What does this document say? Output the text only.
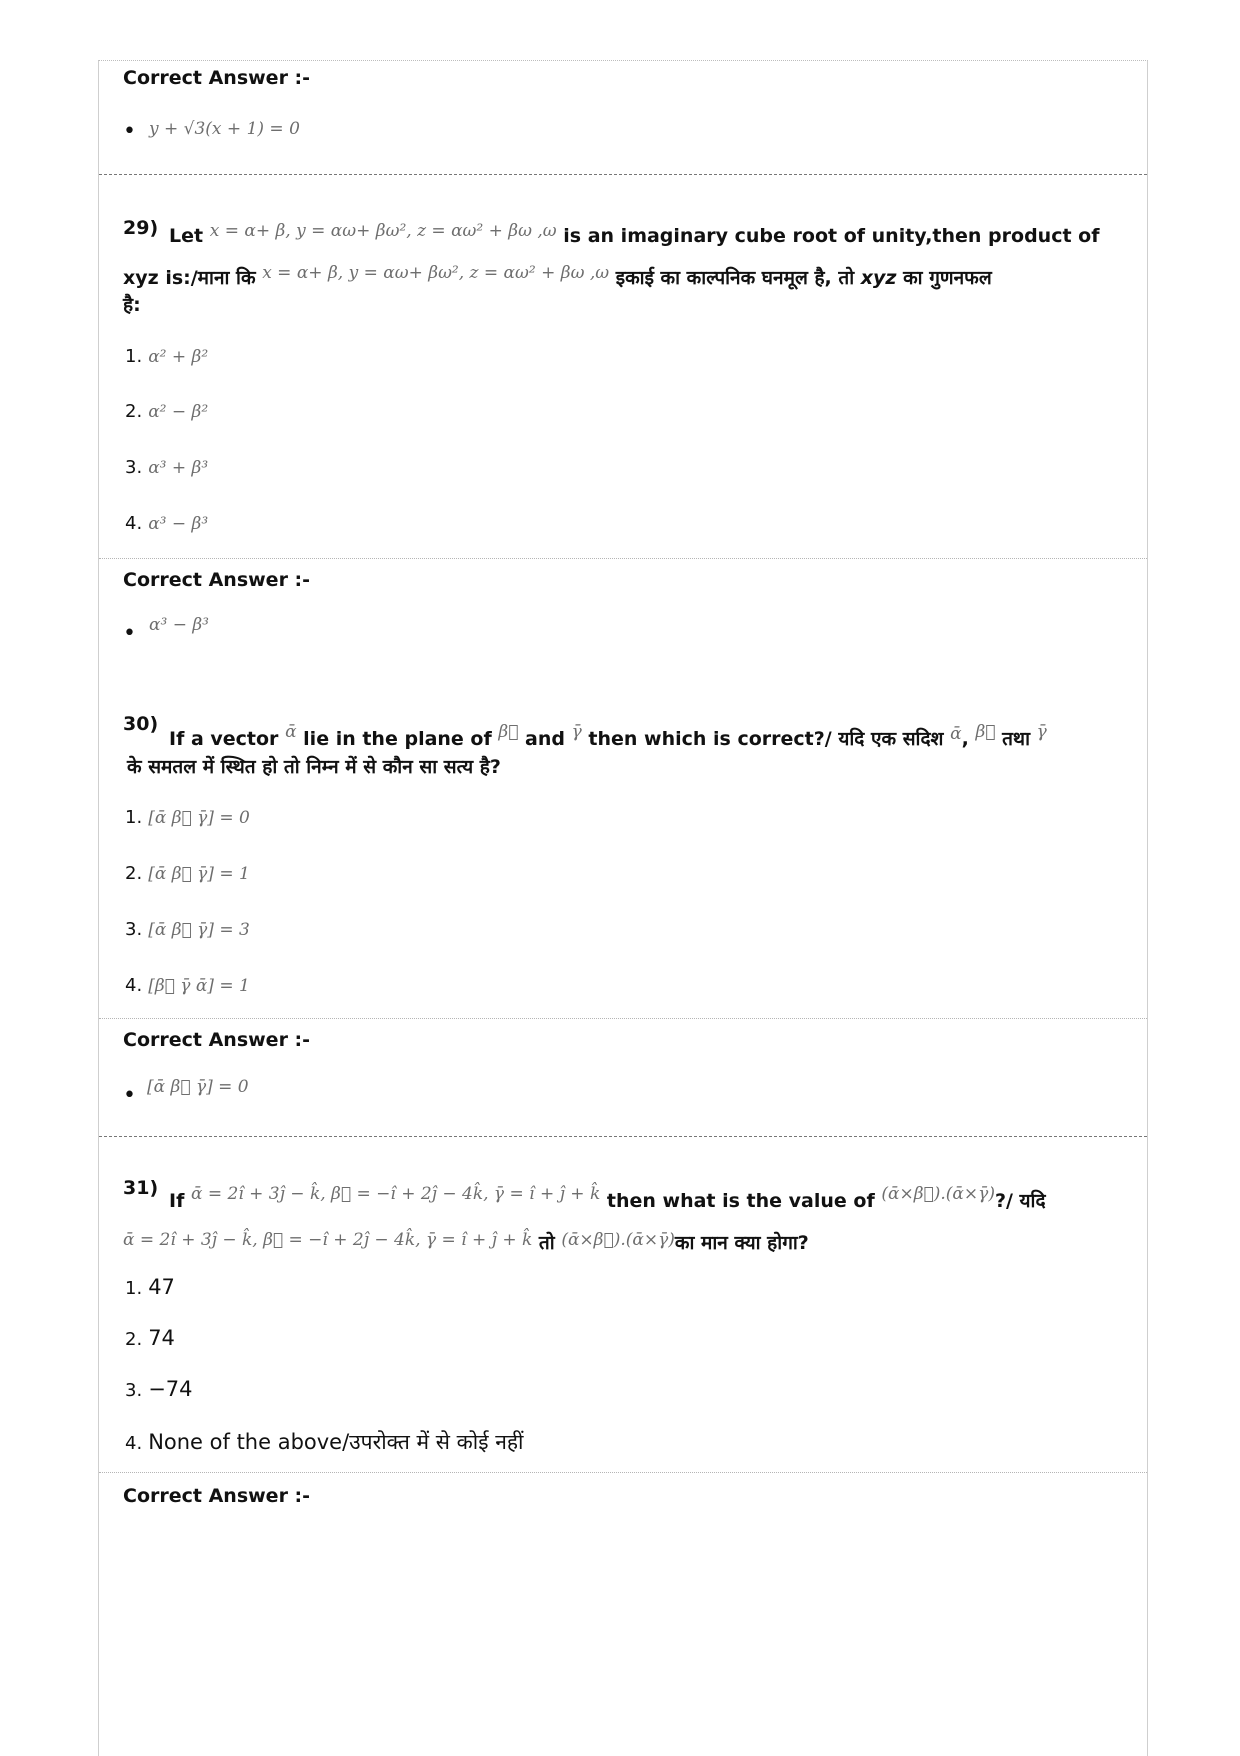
Correct Answer :-
• y + √3(x + 1) = 0
29) Let x = α+ β, y = αω+ βω², z = αω² + βω ,ω is an imaginary cube root of unity,then product of
xyz is:/माना कि x = α+ β, y = αω+ βω², z = αω² + βω ,ω इकाई का काल्पनिक घनमूल है, तो xyz का गुणनफल
है:
1. α² + β²
2. α² − β²
3. α³ + β³
4. α³ − β³
Correct Answer :-
• α³ − β³
30)
If a vector ᾱ lie in the plane of β⃗ and γ̄ then which is correct?/ यदि एक सदिश ᾱ, β⃗ तथा γ̄
के समतल में स्थित हो तो निम्न में से कौन सा सत्य है?
1. [ᾱ β⃗ γ̄] = 0
2. [ᾱ β⃗ γ̄] = 1
3. [ᾱ β⃗ γ̄] = 3
4. [β⃗ γ̄ ᾱ] = 1
Correct Answer :-
• [ᾱ β⃗ γ̄] = 0
31)
If ᾱ = 2î + 3ĵ − k̂, β⃗ = −î + 2ĵ − 4k̂, γ̄ = î + ĵ + k̂ then what is the value of (ᾱ×β⃗).(ᾱ×γ̄)?/ यदि
ᾱ = 2î + 3ĵ − k̂, β⃗ = −î + 2ĵ − 4k̂, γ̄ = î + ĵ + k̂ तो (ᾱ×β⃗).(ᾱ×γ̄)का मान क्या होगा?
1. 47
2. 74
3. −74
4. None of the above/उपरोक्त में से कोई नहीं
Correct Answer :-
